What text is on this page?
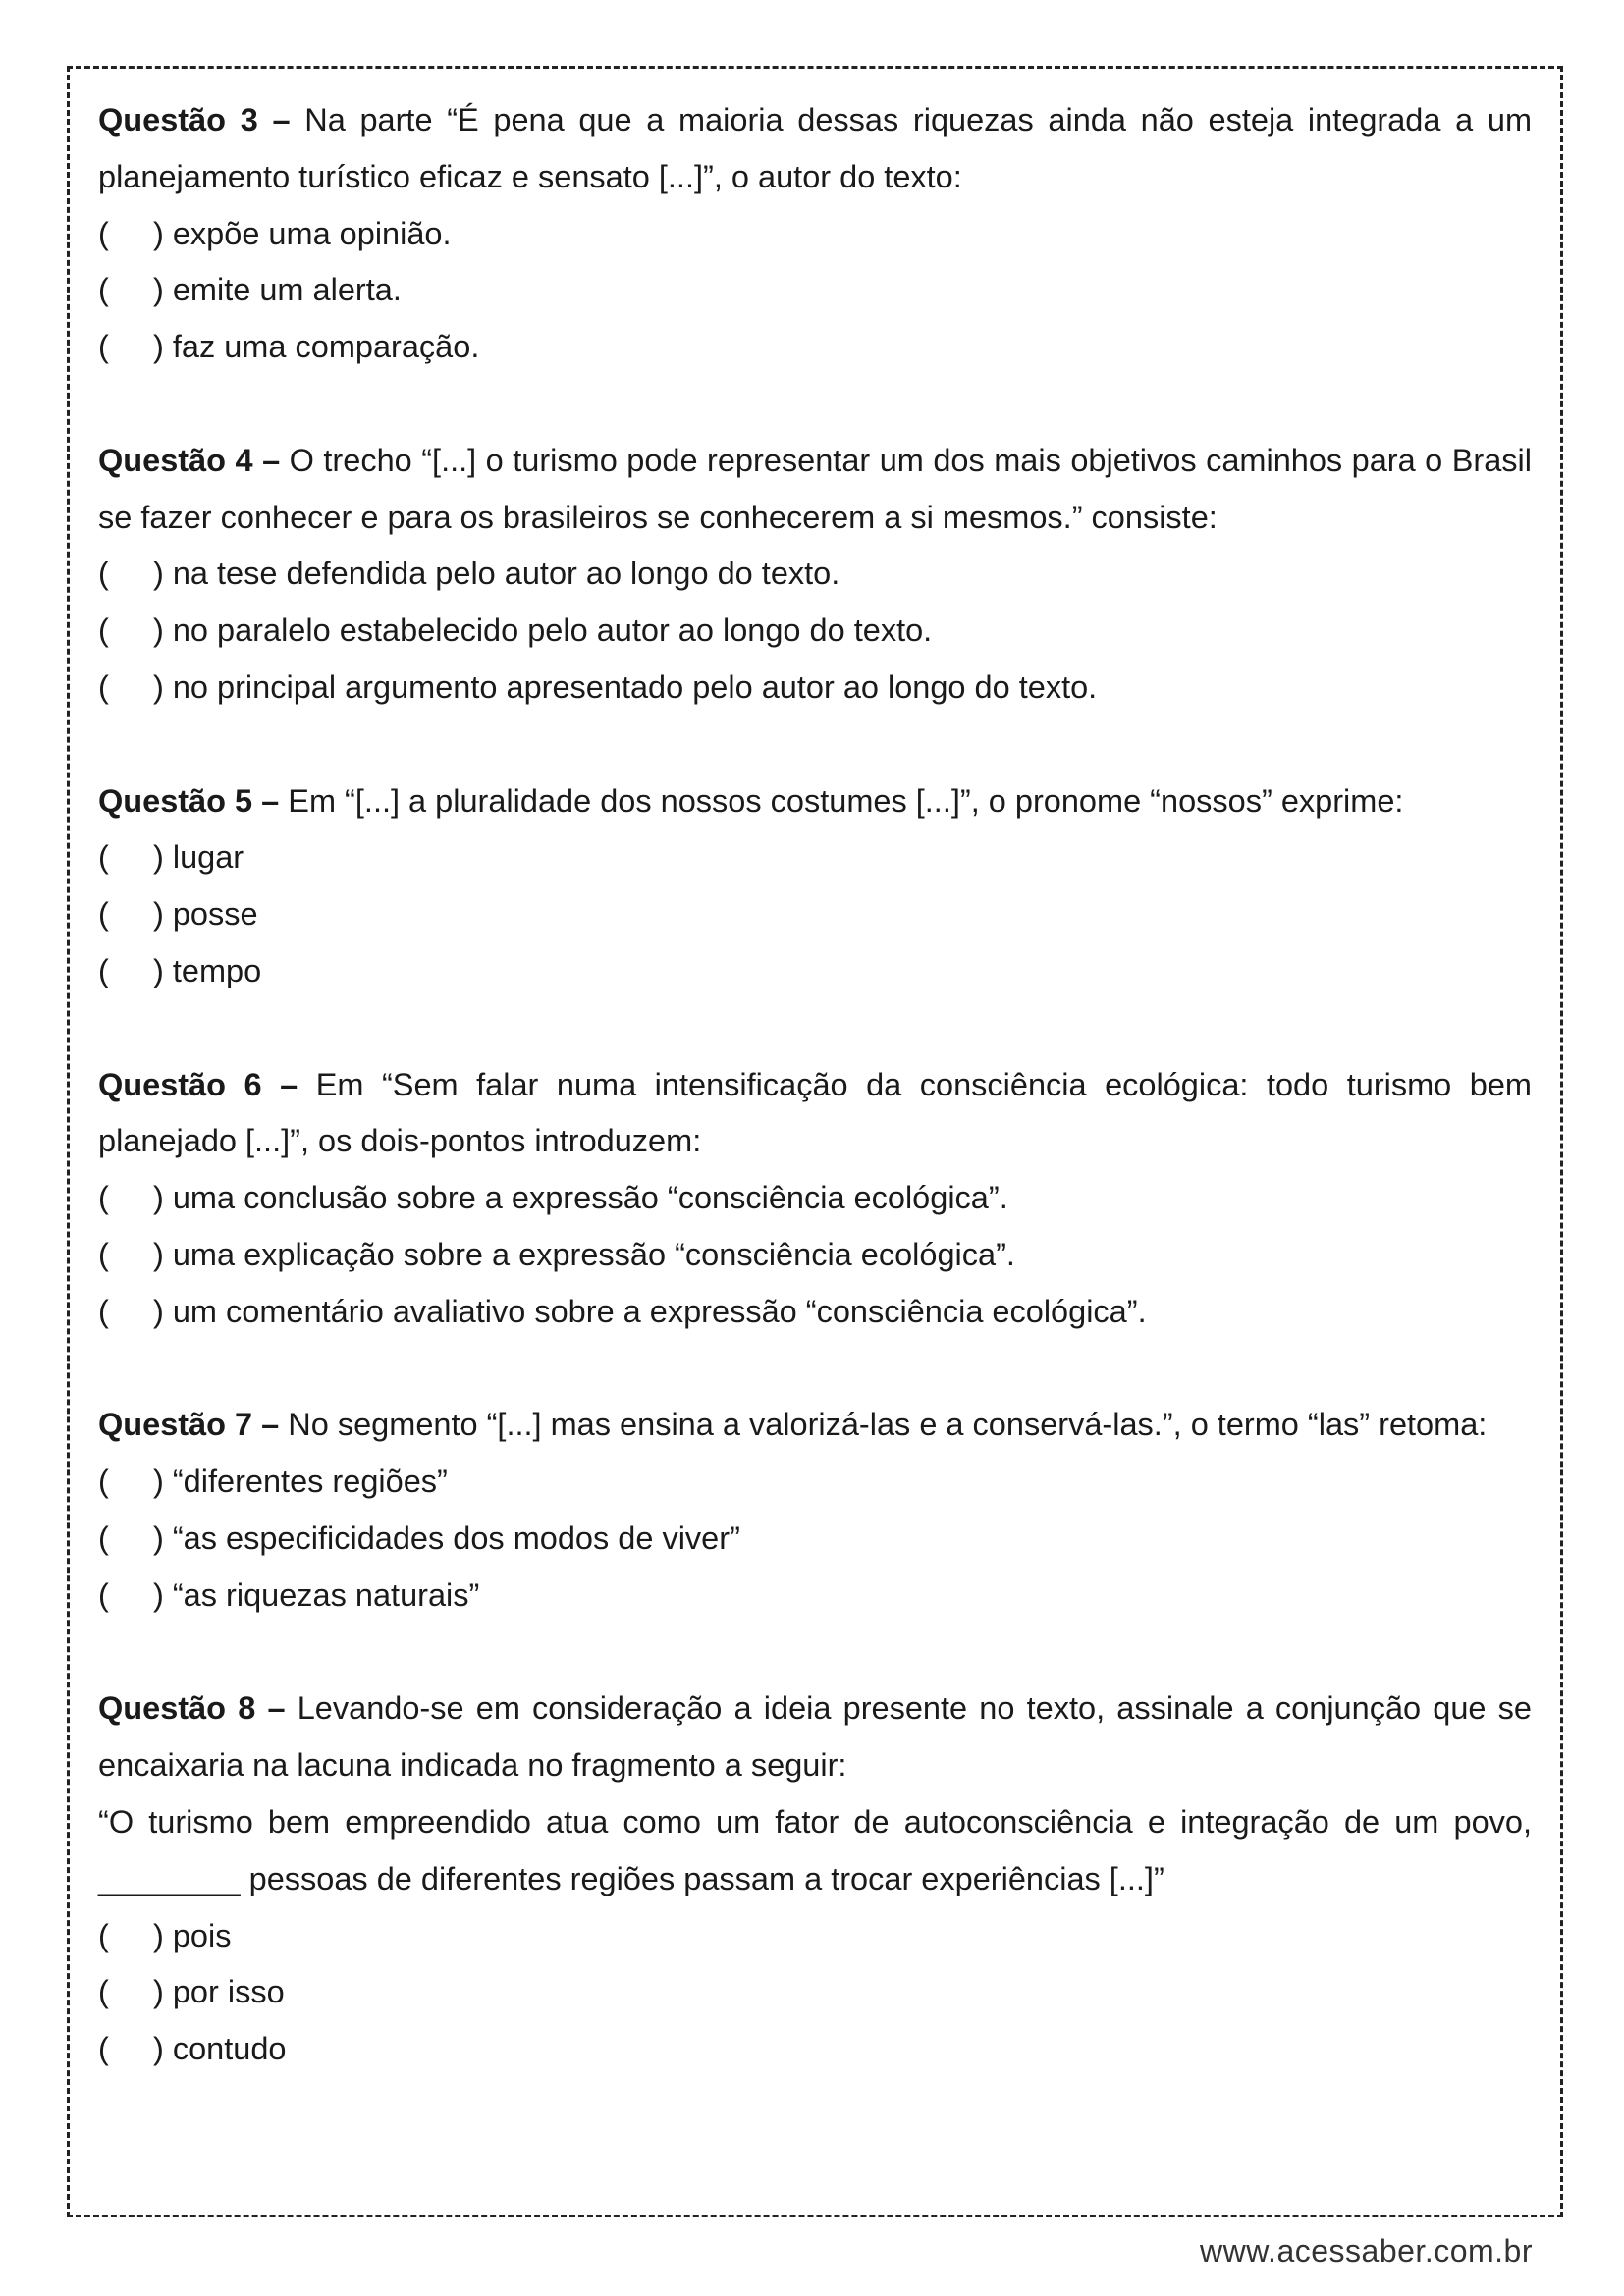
Questão 3 – Na parte “É pena que a maioria dessas riquezas ainda não esteja integrada a um planejamento turístico eficaz e sensato [...]”, o autor do texto:

(	) expõe uma opinião.
(	) emite um alerta.
(	) faz uma comparação.

Questão 4 – O trecho “[...] o turismo pode representar um dos mais objetivos caminhos para o Brasil se fazer conhecer e para os brasileiros se conhecerem a si mesmos.” consiste:

(	) na tese defendida pelo autor ao longo do texto.
(	) no paralelo estabelecido pelo autor ao longo do texto.
(	) no principal argumento apresentado pelo autor ao longo do texto.

Questão 5 – Em “[...] a pluralidade dos nossos costumes [...]”, o pronome “nossos” exprime:

(	) lugar
(	) posse
(	) tempo

Questão 6 – Em “Sem falar numa intensificação da consciência ecológica: todo turismo bem planejado [...]”, os dois-pontos introduzem:

(	) uma conclusão sobre a expressão “consciência ecológica”.
(	) uma explicação sobre a expressão “consciência ecológica”.
(	) um comentário avaliativo sobre a expressão “consciência ecológica”.

Questão 7 – No segmento “[...] mas ensina a valorizá-las e a conservá-las.”, o termo “las” retoma:

(	) “diferentes regiões”
(	) “as especificidades dos modos de viver”
(	) “as riquezas naturais”

Questão 8 – Levando-se em consideração a ideia presente no texto, assinale a conjunção que se encaixaria na lacuna indicada no fragmento a seguir:

“O turismo bem empreendido atua como um fator de autoconsciência e integração de um povo, ________ pessoas de diferentes regiões passam a trocar experiências [...]”

(	) pois
(	) por isso
(	) contudo
www.acessaber.com.br
